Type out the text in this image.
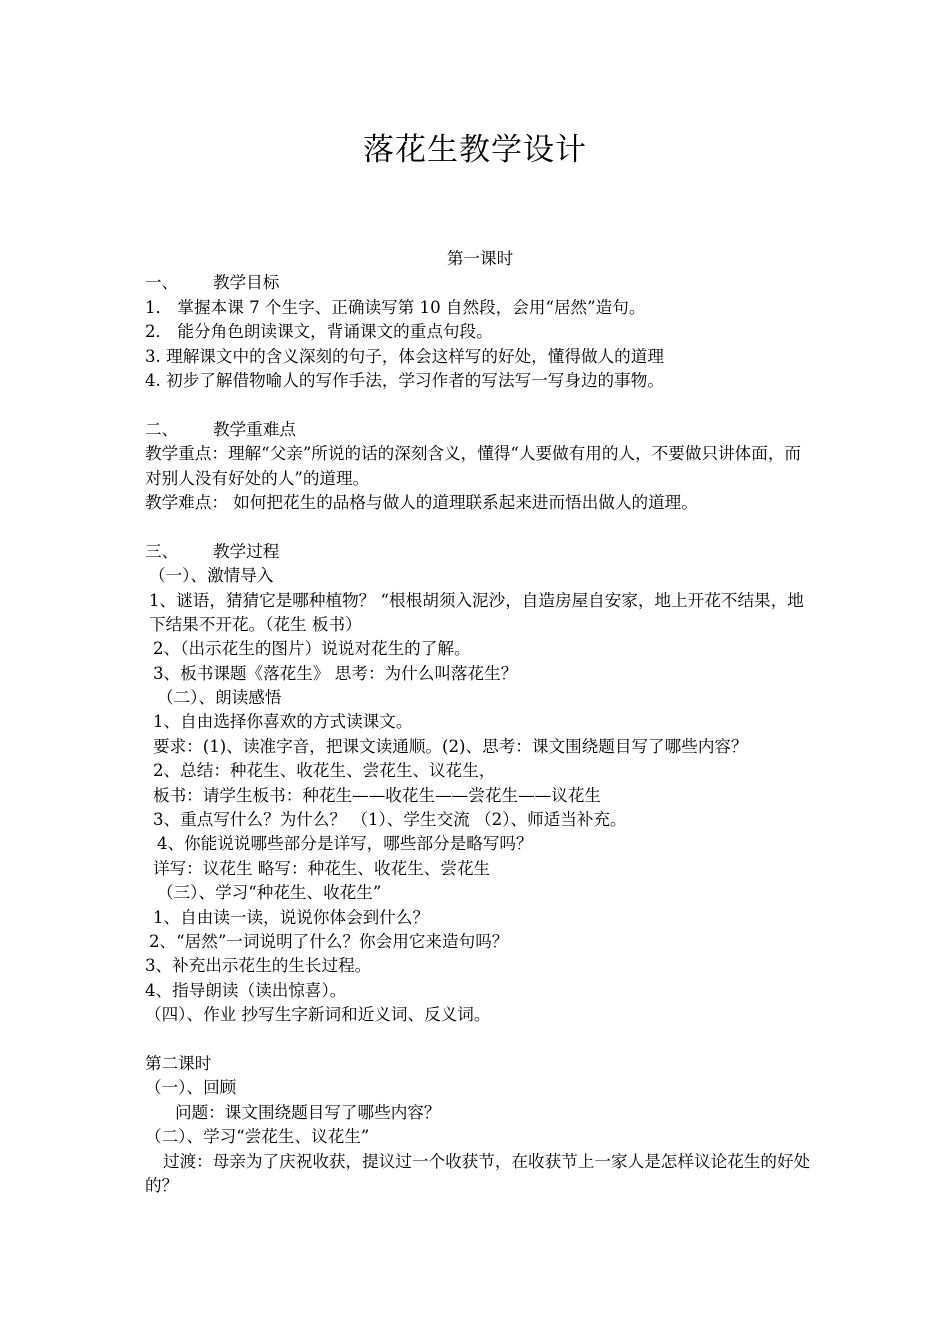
落花生教学设计
第一课时
一、 教学目标
1． 掌握本课 7 个生字、正确读写第 10 自然段，会用“居然”造句。
2． 能分角色朗读课文，背诵课文的重点句段。
3. 理解课文中的含义深刻的句子，体会这样写的好处，懂得做人的道理
4. 初步了解借物喻人的写作手法，学习作者的写法写一写身边的事物。
二、 教学重难点
教学重点：理解“父亲”所说的话的深刻含义，懂得“人要做有用的人，不要做只讲体面，而对别人没有好处的人”的道理。
教学难点： 如何把花生的品格与做人的道理联系起来进而悟出做人的道理。
三、 教学过程
（一）、激情导入
1、谜语，猜猜它是哪种植物？ “根根胡须入泥沙，自造房屋自安家，地上开花不结果，地下结果不开花。（花生 板书）
2、（出示花生的图片）说说对花生的了解。
3、板书课题《落花生》 思考：为什么叫落花生？
（二）、朗读感悟
1、自由选择你喜欢的方式读课文。
要求：(1)、读准字音，把课文读通顺。(2)、思考：课文围绕题目写了哪些内容？
2、总结：种花生、收花生、尝花生、议花生，
板书：请学生板书：种花生——收花生——尝花生——议花生
3、重点写什么？为什么？ （1）、学生交流 （2）、师适当补充。
4、你能说说哪些部分是详写，哪些部分是略写吗？
详写：议花生 略写：种花生、收花生、尝花生
（三）、学习“种花生、收花生”
1、自由读一读，说说你体会到什么？
2、“居然”一词说明了什么？你会用它来造句吗？
3、补充出示花生的生长过程。
4、指导朗读（读出惊喜）。
（四）、作业 抄写生字新词和近义词、反义词。
第二课时
（一）、回顾
问题：课文围绕题目写了哪些内容？
（二）、学习“尝花生、议花生”
过渡：母亲为了庆祝收获，提议过一个收获节，在收获节上一家人是怎样议论花生的好处的？
